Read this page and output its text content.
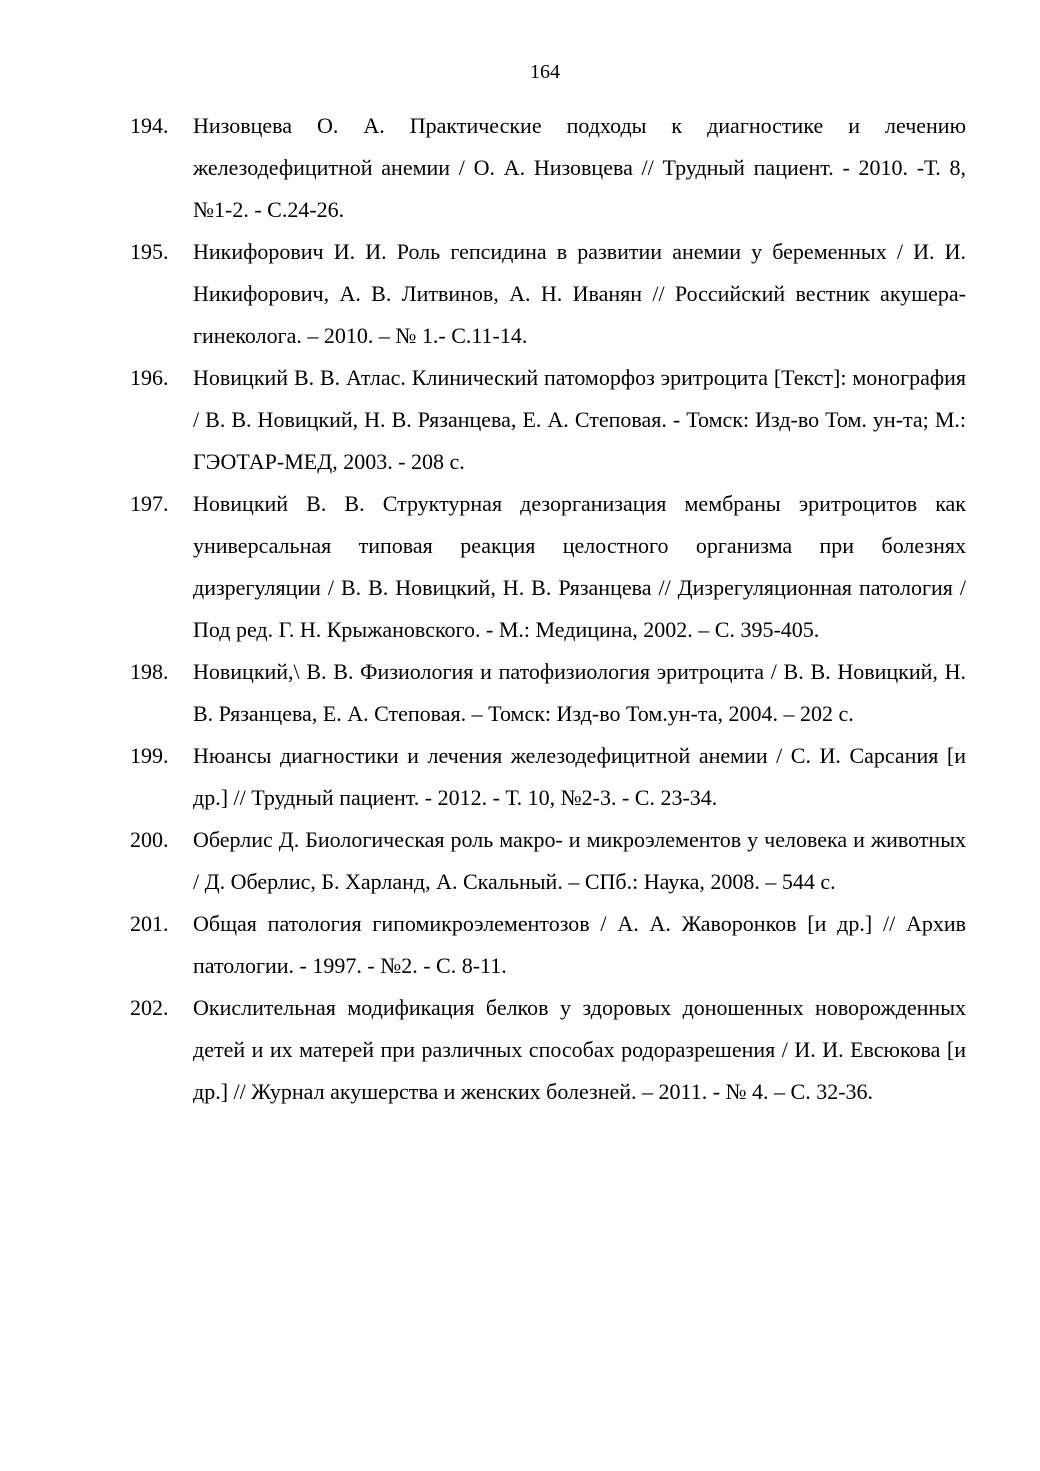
164

194.	Низовцева О. А. Практические подходы к диагностике и лечению железодефицитной анемии / О. А. Низовцева // Трудный пациент. - 2010. -Т. 8, №1-2. - С.24-26.

195.	Никифорович И. И. Роль гепсидина в развитии анемии у беременных / И. И. Никифорович, А. В. Литвинов, А. Н. Иванян // Российский вестник акушера-гинеколога. – 2010. – № 1.- С.11-14.

196.	Новицкий В. В. Атлас. Клинический патоморфоз эритроцита [Текст]: монография / В. В. Новицкий, Н. В. Рязанцева, Е. А. Степовая. - Томск: Изд-во Том. ун-та; М.: ГЭОТАР-МЕД, 2003. - 208 с.

197.	Новицкий В. В. Структурная дезорганизация мембраны эритроцитов как универсальная типовая реакция целостного организма при болезнях дизрегуляции / В. В. Новицкий, Н. В. Рязанцева // Дизрегуляционная патология / Под ред. Г. Н. Крыжановского. - М.: Медицина, 2002. – С. 395-405.

198.	Новицкий,\ В. В. Физиология и патофизиология эритроцита / В. В. Новицкий, Н. В. Рязанцева, Е. А. Степовая. – Томск: Изд-во Том.ун-та, 2004. – 202 с.

199.	Нюансы диагностики и лечения железодефицитной анемии / С. И. Сарсания [и др.] // Трудный пациент. - 2012. - Т. 10, №2-3. - С. 23-34.

200.	Оберлис Д. Биологическая роль макро- и микроэлементов у человека и животных / Д. Оберлис, Б. Харланд, А. Скальный. – СПб.: Наука, 2008. – 544 с.

201.	Общая патология гипомикроэлементозов / А. А. Жаворонков [и др.] // Архив патологии. - 1997. - №2. - С. 8-11.

202.	Окислительная модификация белков у здоровых доношенных новорожденных детей и их матерей при различных способах родоразрешения / И. И. Евсюкова [и др.] // Журнал акушерства и женских болезней. – 2011. - № 4. – С. 32-36.
